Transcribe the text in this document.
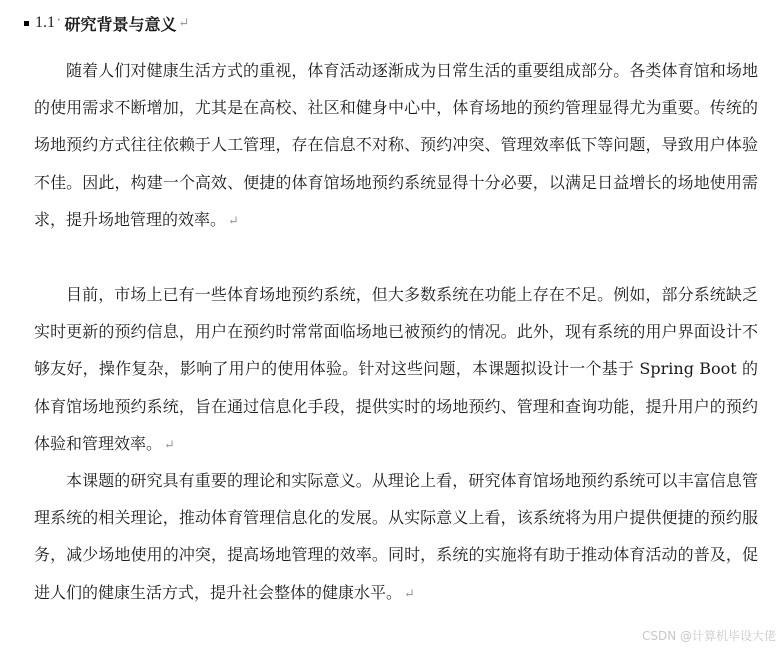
1.1 · 研究背景与意义 ↵

随着人们对健康生活方式的重视，体育活动逐渐成为日常生活的重要组成部分。各类体育馆和场地的使用需求不断增加，尤其是在高校、社区和健身中心中，体育场地的预约管理显得尤为重要。传统的场地预约方式往往依赖于人工管理，存在信息不对称、预约冲突、管理效率低下等问题，导致用户体验不佳。因此，构建一个高效、便捷的体育馆场地预约系统显得十分必要，以满足日益增长的场地使用需求，提升场地管理的效率。 ↵

目前，市场上已有一些体育场地预约系统，但大多数系统在功能上存在不足。例如，部分系统缺乏实时更新的预约信息，用户在预约时常常面临场地已被预约的情况。此外，现有系统的用户界面设计不够友好，操作复杂，影响了用户的使用体验。针对这些问题，本课题拟设计一个基于 Spring Boot 的体育馆场地预约系统，旨在通过信息化手段，提供实时的场地预约、管理和查询功能，提升用户的预约体验和管理效率。 ↵

本课题的研究具有重要的理论和实际意义。从理论上看，研究体育馆场地预约系统可以丰富信息管理系统的相关理论，推动体育管理信息化的发展。从实际意义上看，该系统将为用户提供便捷的预约服务，减少场地使用的冲突，提高场地管理的效率。同时，系统的实施将有助于推动体育活动的普及，促进人们的健康生活方式，提升社会整体的健康水平。 ↵

CSDN @计算机毕设大佬
